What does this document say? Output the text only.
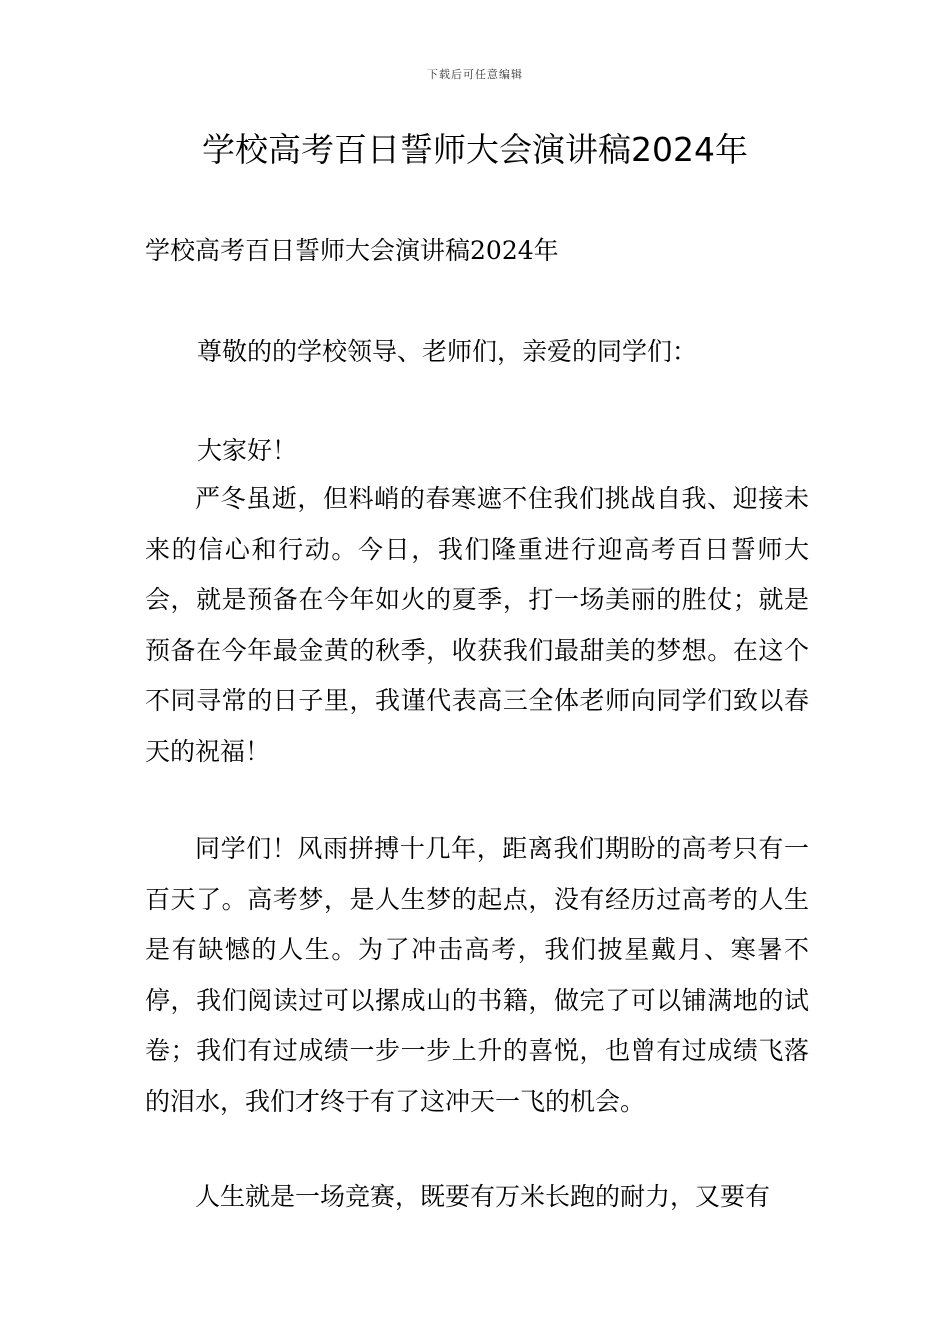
下载后可任意编辑
学校高考百日誓师大会演讲稿2024年

学校高考百日誓师大会演讲稿2024年

尊敬的的学校领导、老师们，亲爱的同学们：

大家好！

严冬虽逝，但料峭的春寒遮不住我们挑战自我、迎接未来的信心和行动。今日，我们隆重进行迎高考百日誓师大会，就是预备在今年如火的夏季，打一场美丽的胜仗；就是预备在今年最金黄的秋季，收获我们最甜美的梦想。在这个不同寻常的日子里，我谨代表高三全体老师向同学们致以春天的祝福！

同学们！风雨拼搏十几年，距离我们期盼的高考只有一百天了。高考梦，是人生梦的起点，没有经历过高考的人生是有缺憾的人生。为了冲击高考，我们披星戴月、寒暑不停，我们阅读过可以摞成山的书籍，做完了可以铺满地的试卷；我们有过成绩一步一步上升的喜悦，也曾有过成绩飞落的泪水，我们才终于有了这冲天一飞的机会。

人生就是一场竞赛，既要有万米长跑的耐力，又要有
